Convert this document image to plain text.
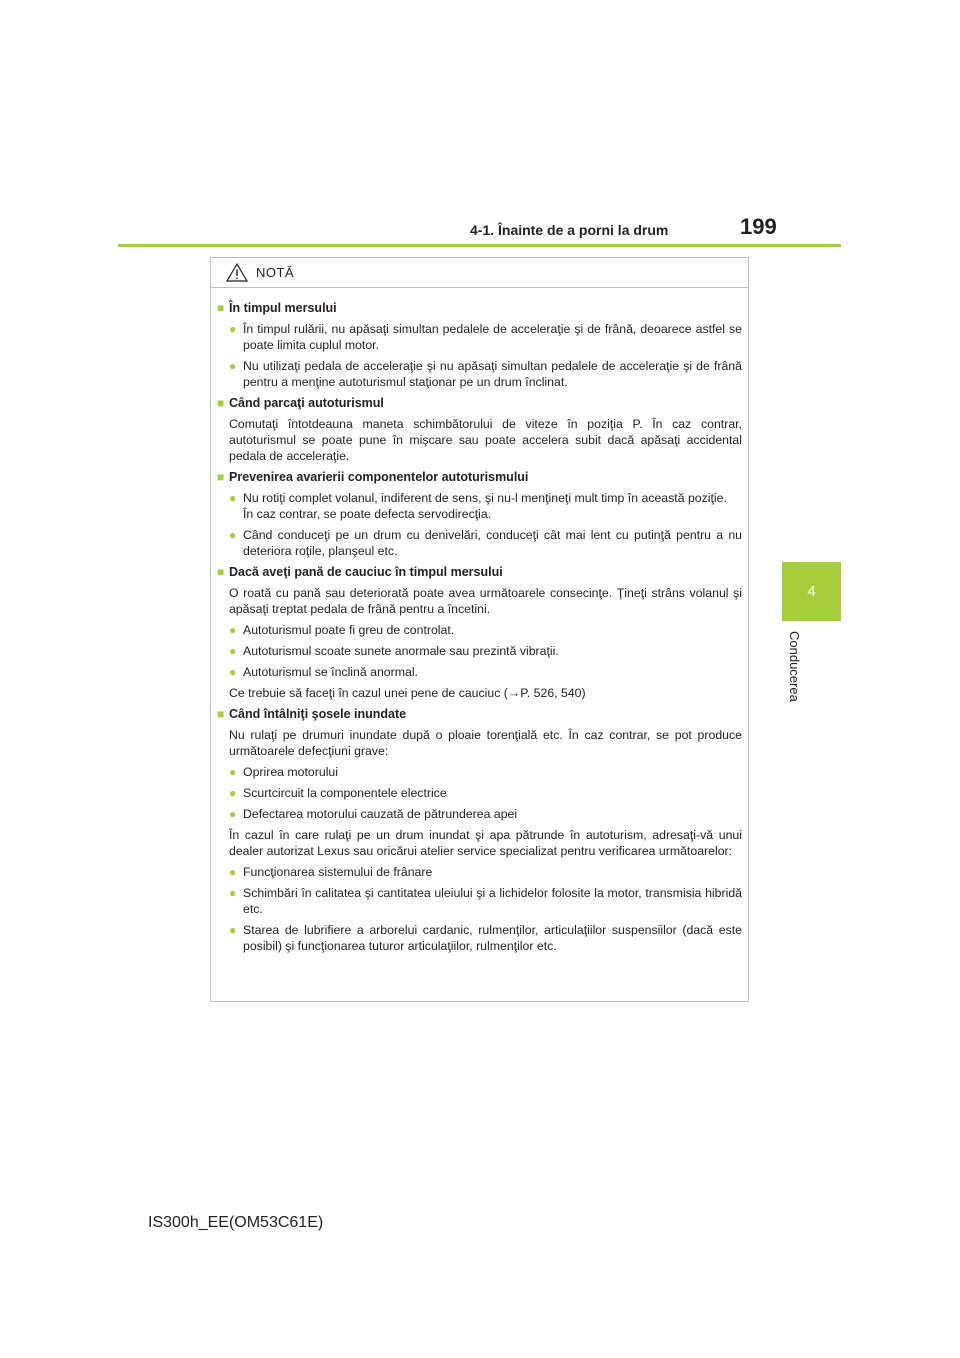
4-1. Înainte de a porni la drum	199
4
Conducerea
NOTĂ
■ În timpul mersului
● În timpul rulării, nu apăsaţi simultan pedalele de acceleraţie şi de frână, deoarece astfel se poate limita cuplul motor.
● Nu utilizaţi pedala de acceleraţie şi nu apăsaţi simultan pedalele de acceleraţie şi de frână pentru a menţine autoturismul staţionar pe un drum înclinat.
■ Când parcaţi autoturismul
Comutaţi întotdeauna maneta schimbătorului de viteze în poziţia P. În caz contrar, autoturismul se poate pune în mişcare sau poate accelera subit dacă apăsaţi accidental pedala de acceleraţie.
■ Prevenirea avarierii componentelor autoturismului
● Nu rotiţi complet volanul, indiferent de sens, şi nu-l menţineţi mult timp în această poziţie.
În caz contrar, se poate defecta servodirecţia.
● Când conduceţi pe un drum cu denivelări, conduceţi cât mai lent cu putinţă pentru a nu deteriora roţile, planşeul etc.
■ Dacă aveţi pană de cauciuc în timpul mersului
O roată cu pană sau deteriorată poate avea următoarele consecinţe. Ţineţi strâns volanul şi apăsaţi treptat pedala de frână pentru a încetini.
● Autoturismul poate fi greu de controlat.
● Autoturismul scoate sunete anormale sau prezintă vibraţii.
● Autoturismul se înclină anormal.
Ce trebuie să faceţi în cazul unei pene de cauciuc (→P. 526, 540)
■ Când întâlniţi şosele inundate
Nu rulaţi pe drumuri inundate după o ploaie torenţială etc. În caz contrar, se pot produce următoarele defecţiuni grave:
● Oprirea motorului
● Scurtcircuit la componentele electrice
● Defectarea motorului cauzată de pătrunderea apei
În cazul în care rulaţi pe un drum inundat şi apa pătrunde în autoturism, adresaţi-vă unui dealer autorizat Lexus sau oricărui atelier service specializat pentru verificarea următoarelor:
● Funcţionarea sistemului de frânare
● Schimbări în calitatea şi cantitatea uleiului şi a lichidelor folosite la motor, transmisia hibridă etc.
● Starea de lubrifiere a arborelui cardanic, rulmenţilor, articulaţiilor suspensiilor (dacă este posibil) şi funcţionarea tuturor articulaţiilor, rulmenţilor etc.
IS300h_EE(OM53C61E)
